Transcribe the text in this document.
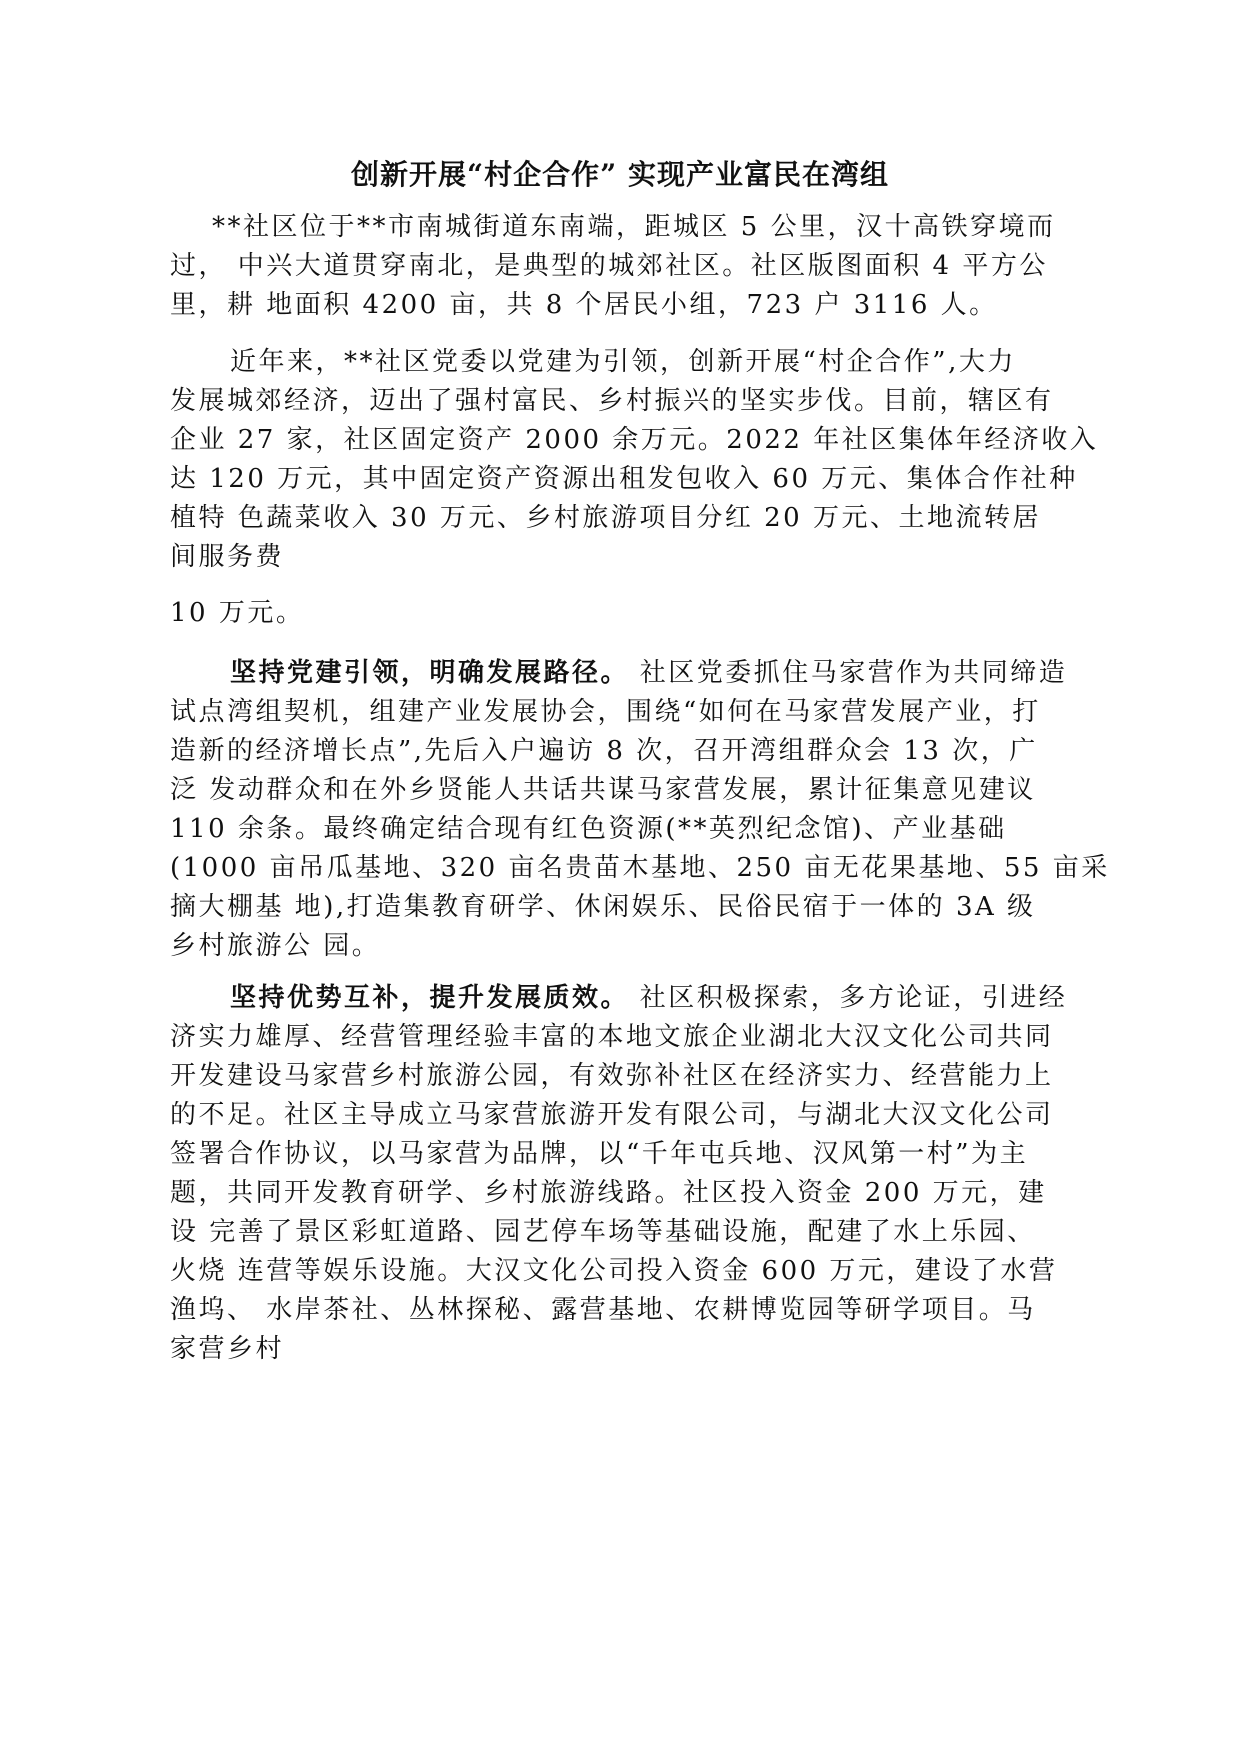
创新开展“村企合作” 实现产业富民在湾组
**社区位于**市南城街道东南端，距城区 5 公里，汉十高铁穿境而
过， 中兴大道贯穿南北，是典型的城郊社区。社区版图面积 4 平方公
里，耕 地面积 4200 亩，共 8 个居民小组，723 户 3116 人。
近年来，**社区党委以党建为引领，创新开展“村企合作”,大力
发展城郊经济，迈出了强村富民、乡村振兴的坚实步伐。目前，辖区有
企业 27 家，社区固定资产 2000 余万元。2022 年社区集体年经济收入
达 120 万元，其中固定资产资源出租发包收入 60 万元、集体合作社种
植特 色蔬菜收入 30 万元、乡村旅游项目分红 20 万元、土地流转居
间服务费
10 万元。
坚持党建引领，明确发展路径。 社区党委抓住马家营作为共同缔造
试点湾组契机，组建产业发展协会，围绕“如何在马家营发展产业，打
造新的经济增长点”,先后入户遍访 8 次，召开湾组群众会 13 次，广
泛 发动群众和在外乡贤能人共话共谋马家营发展，累计征集意见建议
110 余条。最终确定结合现有红色资源(**英烈纪念馆)、产业基础
(1000 亩吊瓜基地、320 亩名贵苗木基地、250 亩无花果基地、55 亩采
摘大棚基 地),打造集教育研学、休闲娱乐、民俗民宿于一体的 3A 级
乡村旅游公 园。
坚持优势互补，提升发展质效。 社区积极探索，多方论证，引进经
济实力雄厚、经营管理经验丰富的本地文旅企业湖北大汉文化公司共同
开发建设马家营乡村旅游公园，有效弥补社区在经济实力、经营能力上
的不足。社区主导成立马家营旅游开发有限公司，与湖北大汉文化公司
签署合作协议，以马家营为品牌，以“千年屯兵地、汉风第一村”为主
题，共同开发教育研学、乡村旅游线路。社区投入资金 200 万元，建
设 完善了景区彩虹道路、园艺停车场等基础设施，配建了水上乐园、
火烧 连营等娱乐设施。大汉文化公司投入资金 600 万元，建设了水营
渔坞、 水岸茶社、丛林探秘、露营基地、农耕博览园等研学项目。马
家营乡村
